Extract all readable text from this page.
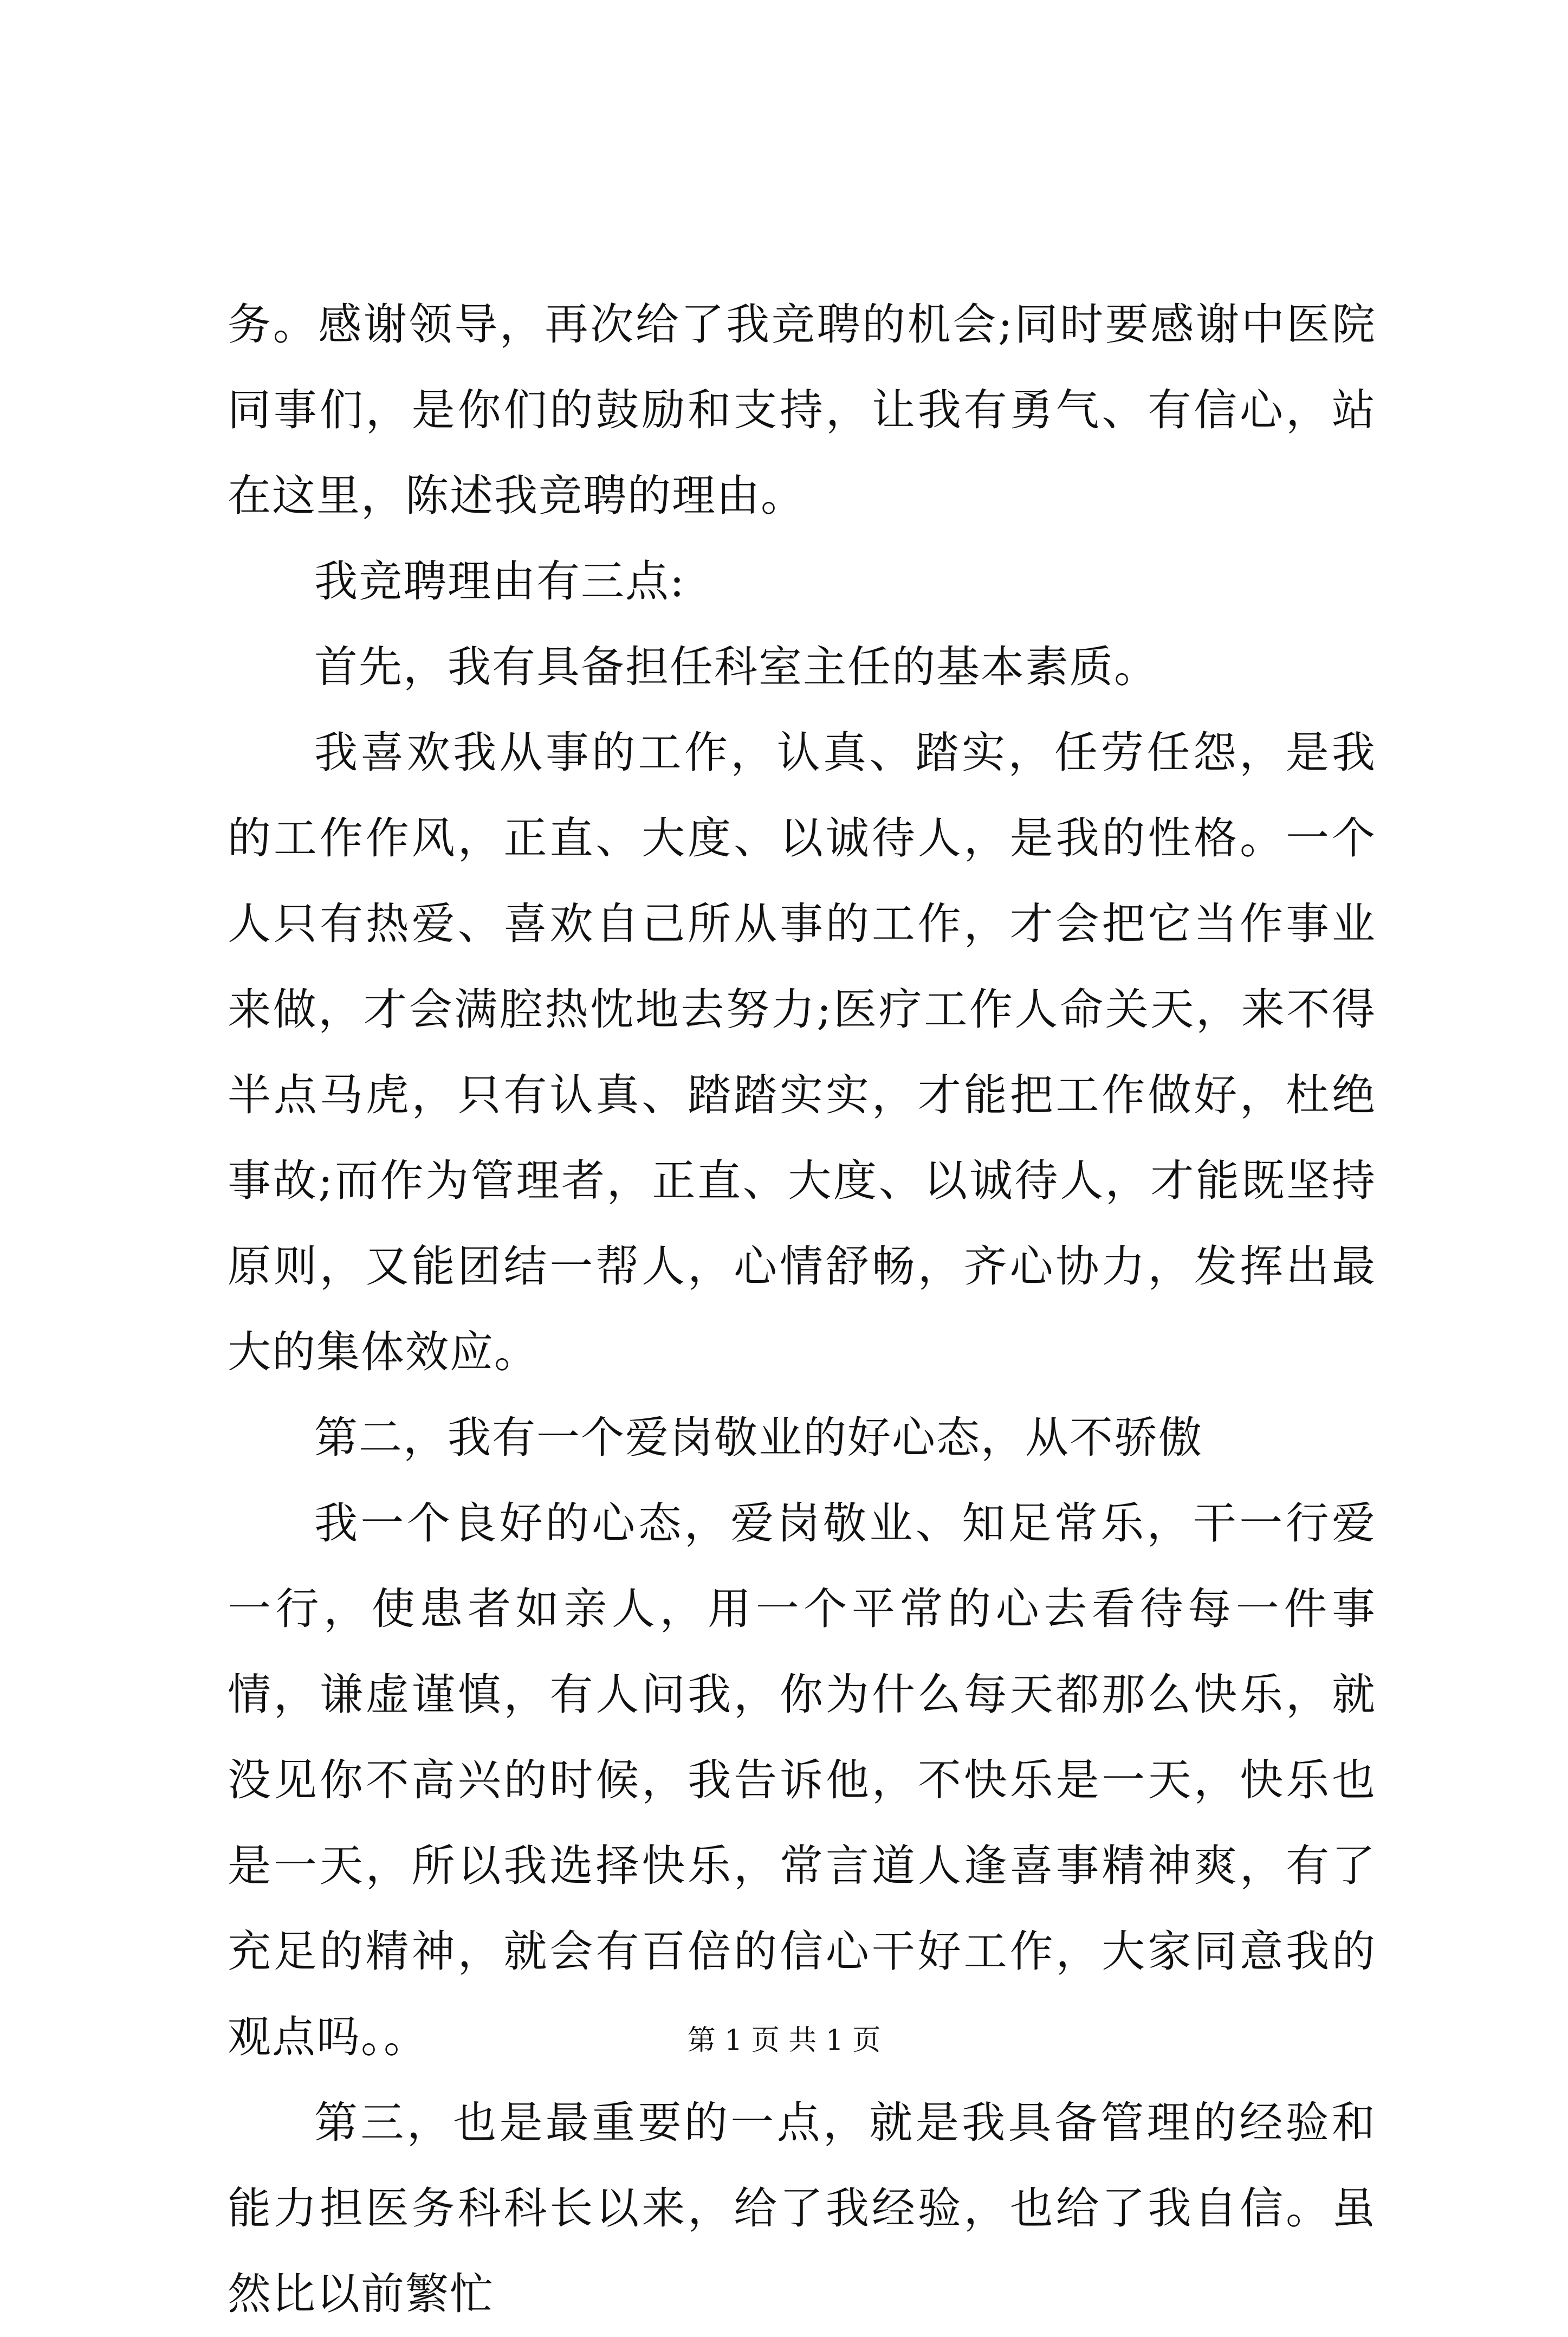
务。感谢领导，再次给了我竞聘的机会;同时要感谢中医院同事们，是你们的鼓励和支持，让我有勇气、有信心，站在这里，陈述我竞聘的理由。

我竞聘理由有三点:

首先，我有具备担任科室主任的基本素质。

我喜欢我从事的工作，认真、踏实，任劳任怨，是我的工作作风，正直、大度、以诚待人，是我的性格。一个人只有热爱、喜欢自己所从事的工作，才会把它当作事业来做，才会满腔热忱地去努力;医疗工作人命关天，来不得半点马虎，只有认真、踏踏实实，才能把工作做好，杜绝事故;而作为管理者，正直、大度、以诚待人，才能既坚持原则，又能团结一帮人，心情舒畅，齐心协力，发挥出最大的集体效应。

第二，我有一个爱岗敬业的好心态，从不骄傲

我一个良好的心态，爱岗敬业、知足常乐，干一行爱一行，使患者如亲人，用一个平常的心去看待每一件事情，谦虚谨慎，有人问我，你为什么每天都那么快乐，就没见你不高兴的时候，我告诉他，不快乐是一天，快乐也是一天，所以我选择快乐，常言道人逢喜事精神爽，有了充足的精神，就会有百倍的信心干好工作，大家同意我的观点吗。。

第三，也是最重要的一点，就是我具备管理的经验和能力担医务科科长以来，给了我经验，也给了我自信。虽然比以前繁忙

第 1 页 共 1 页
